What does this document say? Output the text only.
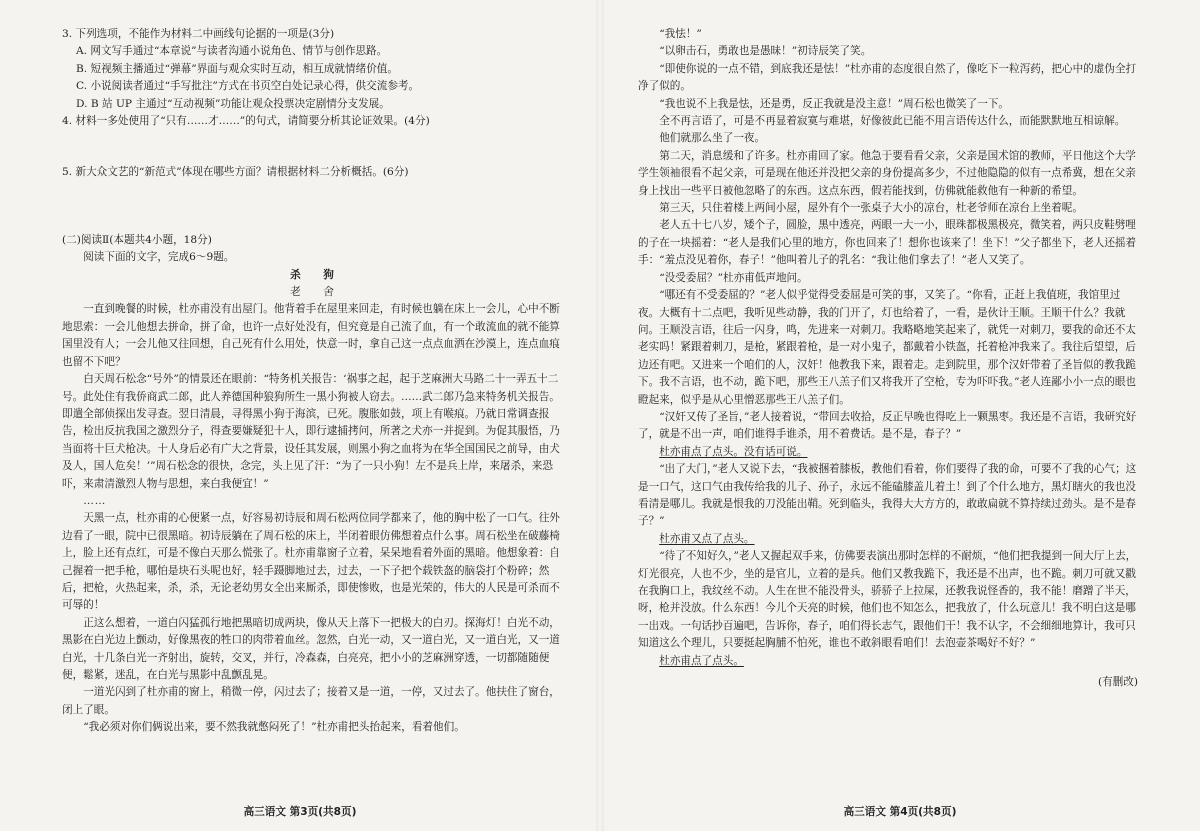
3. 下列选项，不能作为材料二中画线句论据的一项是(3分)

A. 网文写手通过“本章说”与读者沟通小说角色、情节与创作思路。

B. 短视频主播通过“弹幕”界面与观众实时互动，相互成就情绪价值。

C. 小说阅读者通过“手写批注”方式在书页空白处记录心得，供交流参考。

D. B 站 UP 主通过“互动视频”功能让观众投票决定剧情分支发展。

4. 材料一多处使用了“只有……才……”的句式，请简要分析其论证效果。(4分)

5. 新大众文艺的“新范式”体现在哪些方面？请根据材料二分析概括。(6分)

(二)阅读Ⅱ(本题共4小题，18分)

阅读下面的文字，完成6～9题。

杀　狗

老　舍

一直到晚餐的时候，杜亦甫没有出屋门。他背着手在屋里来回走，有时候也躺在床上一会儿，心中不断地思索：一会儿他想去拼命，拼了命，也许一点好处没有，但究竟是自己流了血，有一个敢流血的就不能算国里没有人；一会儿他又往回想，自己死有什么用处，快意一时，拿自己这一点点血洒在沙漠上，连点血痕也留不下吧？

白天周石松念“号外”的情景还在眼前：“特务机关报告：‘祸事之起，起于芝麻洲大马路二十一弄五十二号。此处住有我侨商武二郎，此人养德国种狼狗所生一黑小狗被人窃去。……武二郎乃急来特务机关报告。即遣全部侦探出发寻查。翌日清晨，寻得黑小狗于海滨，已死。腹胀如鼓，项上有喉痕。乃就日常调查报告，检出反抗我国之激烈分子，得查要嫌疑犯十人，即行逮捕拷问，所著之犬亦一并捉到。为促其服悟，乃当面将十巨犬枪决。十人身后必有广大之背景，设任其发展，则黑小狗之血将为在华全国国民之前导，由犬及人，国人危矣！’”周石松念的很快，念完，头上见了汗：“为了一只小狗！左不是兵上岸，来屠杀，来恐吓，来肃清激烈人物与思想，来白我便宜！”

……

天黑一点，杜亦甫的心便紧一点，好容易初诗辰和周石松两位同学都来了，他的胸中松了一口气。往外边看了一眼，院中已很黑暗。初诗辰躺在了周石松的床上，半闭着眼仿佛想着点什么事。周石松坐在破藤椅上，脸上还有点红，可是不像白天那么慌张了。杜亦甫靠窗子立着，呆呆地看着外面的黑暗。他想象着：自己握着一把手枪，哪怕是块石头呢也好，轻手蹑脚地过去，过去，一下子把个载铁盔的脑袋打个粉碎；然后，把枪，火热起来，杀，杀，无论老幼男女全出来厮杀，即使惨败，也是光荣的，伟大的人民是可杀而不可辱的！

正这么想着，一道白闪猛孤行地把黑暗切成两块，像从天上落下一把极大的白刃。探海灯！白光不动，黑影在白光边上颤动，好像黑夜的牲口的肉带着血丝。忽然，白光一动，又一道白光，又一道白光，又一道白光，十几条白光一齐射出，旋转，交叉，并行，冷森森，白亮亮，把小小的芝麻洲穿透，一切都随随便便，鬆紧，迷乱，在白光与黑影中乱颤乱晃。

一道光闪到了杜亦甫的窗上，稍微一停，闪过去了；接着又是一道，一停，又过去了。他扶住了窗台，闭上了眼。

“我必须对你们俩说出来，要不然我就憋闷死了！”杜亦甫把头抬起来，看着他们。

高三语文 第3页(共8页)

“我怯！”

“以卵击石，勇敢也是愚昧！”初诗辰笑了笑。

“即使你说的一点不错，到底我还是怯！”杜亦甫的态度很自然了，像吃下一粒泻药，把心中的虚伪全打净了似的。

“我也说不上我是怯，还是勇，反正我就是没主意！”周石松也微笑了一下。

全不再言语了，可是不再显着寂寞与难堪，好像彼此已能不用言语传达什么，而能默默地互相谅解。

他们就那么坐了一夜。

第二天，消息缓和了许多。杜亦甫回了家。他急于要看看父亲，父亲是国术馆的教师，平日他这个大学学生领袖很看不起父亲，可是现在他还并没把父亲的身份提高多少，不过他隐隐的似有一点希冀，想在父亲身上找出一些平日被他忽略了的东西。这点东西，假若能找到，仿佛就能救他有一种新的希望。

第三天，只住着楼上两间小屋，屋外有个一张桌子大小的凉台，杜老爷师在凉台上坐着呢。

老人五十七八岁，矮个子，圆脸，黑中透亮，两眼一大一小，眼珠都极黑极亮，微笑着，两只皮鞋劈哩的子在一块摇着：“老人是我们心里的地方，你也回来了！想你也该来了！坐下！”父子都坐下，老人还摇着手：“羞点没见着你，春子！”他叫着儿子的乳名：“我让他们拿去了！”老人又笑了。

“没受委屈？”杜亦甫低声地问。

“哪还有不受委屈的？”老人似乎觉得受委屈是可笑的事，又笑了。“你看，正赶上我值班，我馆里过夜。大概有十二点吧，我听见些动静，我的门开了，灯也给着了，一看，是伙计王顺。王顺干什么？我就问。王顺没言语，往后一闪身，鸣，先进来一对刺刀。我略略地笑起来了，就凭一对刺刀，要我的命还不太老实吗！紧跟着刺刀，是枪，紧跟着枪，是一对小鬼子，都戴着小铁盔，托着枪冲我来了。我往后望望，后边还有吧。又进来一个咱们的人，汉奸！他教我下来，跟着走。走到院里，那个汉奸带着了圣旨似的教我跪下。我不言语，也不动，跪下吧，那些王八羔子们又将我开了空枪，专为吓吓我。”老人连鄙小小一点的眼也瞪起来，似乎是从心里憎恶那些王八羔子们。

“汉奸又传了圣旨，”老人接着说，“带回去收拾，反正早晚也得吃上一颗黑枣。我还是不言语，我研究好了，就是不出一声，咱们谁得手谁杀，用不着费话。是不是，春子？”

杜亦甫点了点头。没有话可说。

“出了大门，”老人又说下去，“我被捆着膝板，教他们看着，你们要得了我的命，可要不了我的心气；这是一口气，这口气由我传给我的儿子、孙子，永远不能磕膝盖儿着土！到了个什么地方，黑灯瞎火的我也没看清是哪儿。我就是恨我的刀没能出鞘。死到临头，我得大大方方的，敢敢扁就不算持续过劲头。是不是春子？”

杜亦甫又点了点头。

“待了不知好久，”老人又握起双手来，仿佛要表演出那时怎样的不耐烦，“他们把我提到一间大厅上去，灯光很亮，人也不少，坐的是官儿，立着的是兵。他们又教我跪下，我还是不出声，也不跪。刺刀可就又戳在我胸口上，我纹丝不动。人生在世不能没骨头，骄骄子上拉屎，还教我说怪香的，我不能！磨蹭了半天，呀，枪并没放。什么东西！今儿个天亮的时候，他们也不知怎么，把我放了，什么玩意儿！我不明白这是哪一出戏。一句话抄百遍吧，告诉你，春子，咱们得长志气，跟他们干！我不认字，不会细细地算计，我可只知道这么个理儿，只要挺起胸脯不怕死，谁也不敢斜眼看咱们！去泡壶茶喝好不好？”

杜亦甫点了点头。

(有删改)

高三语文 第4页(共8页)
